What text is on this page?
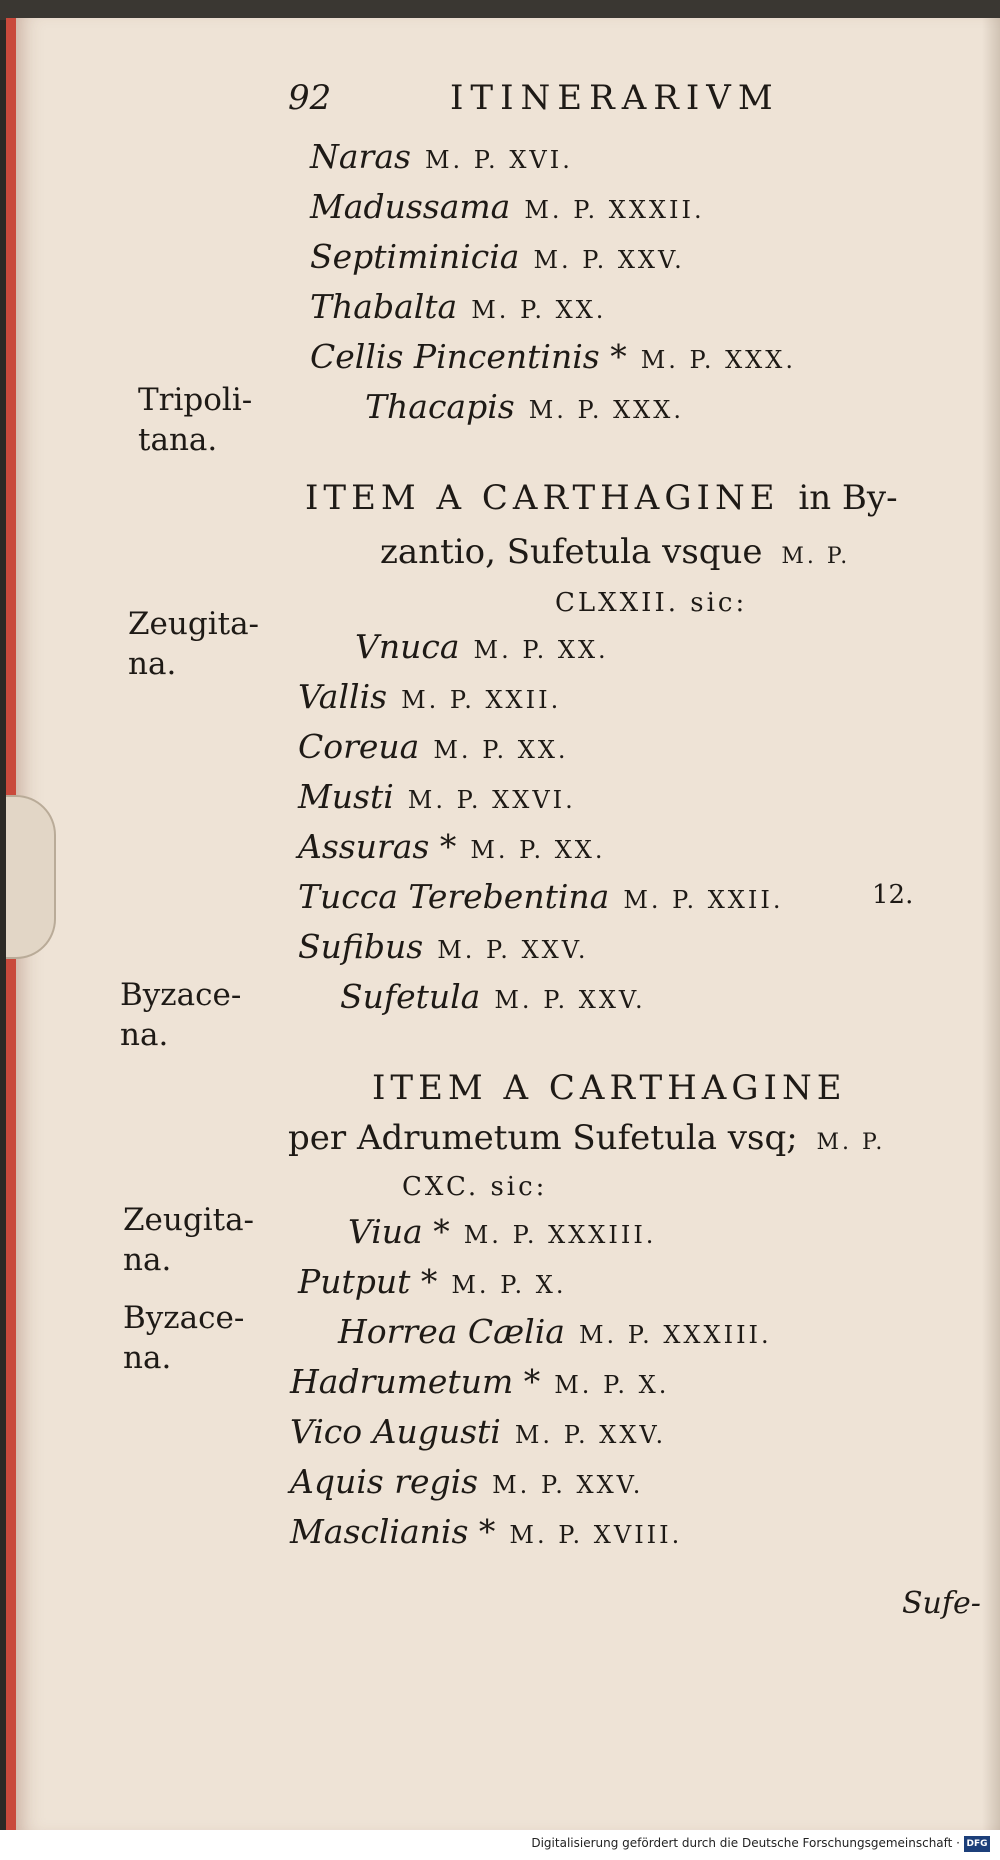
92	ITINERARIVM
Naras M. P. XVI.
Madussama M. P. XXXII.
Septiminicia M. P. XXV.
Thabalta M. P. XX.
Cellis Pincentinis * M. P. XXX.
Thacapis M. P. XXX.
Tripoli-
tana.
ITEM A CARTHAGINE in By-
zantio, Sufetula vsque M. P.
CLXXII. sic:
Zeugita-
na.	Vnuca M. P. XX.
Vallis M. P. XXII.
Coreua M. P. XX.
Musti M. P. XXVI.
Assuras * M. P. XX.
Tucca Terebentina M. P. XXII.	12.
Sufibus M. P. XXV.
Sufetula M. P. XXV.
Byzace-
na.
ITEM A CARTHAGINE
per Adrumetum Sufetula vsq; M. P.
CXC. sic:
Zeugita-
na.
Byzace-
na.
Viua * M. P. XXXIII.
Putput * M. P. X.
Horrea Cælia M. P. XXXIII.
Hadrumetum * M. P. X.
Vico Augusti M. P. XXV.
Aquis regis M. P. XXV.
Masclianis * M. P. XVIII.
Sufe-
Digitalisierung gefördert durch die Deutsche Forschungsgemeinschaft · DFG
